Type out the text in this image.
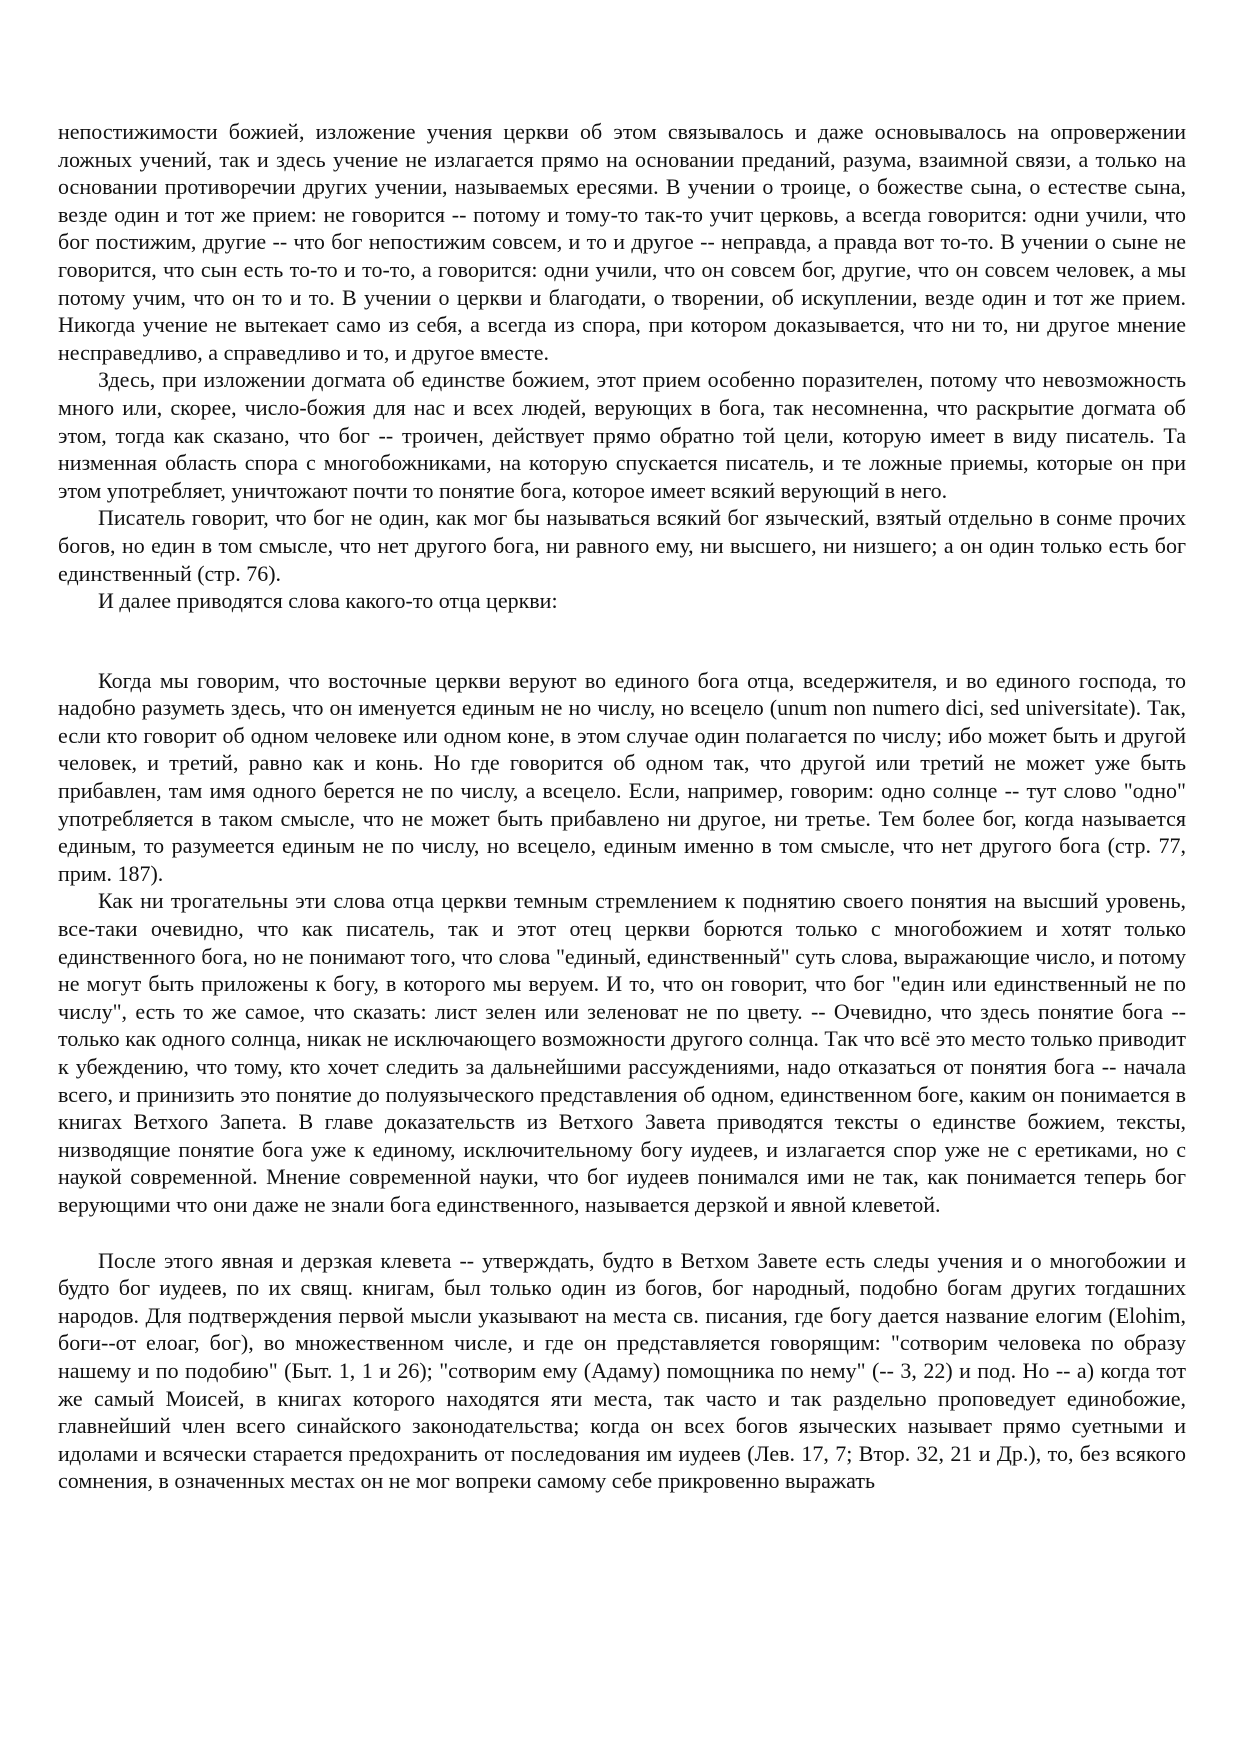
непостижимости божией, изложение учения церкви об этом связывалось и даже основывалось на опровержении ложных учений, так и здесь учение не излагается прямо на основании преданий, разума, взаимной связи, а только на основании противоречии других учении, называемых ересями. В учении о троице, о божестве сына, о естестве сына, везде один и тот же прием: не говорится -- потому и тому-то так-то учит церковь, а всегда говорится: одни учили, что бог постижим, другие -- что бог непостижим совсем, и то и другое -- неправда, а правда вот то-то. В учении о сыне не говорится, что сын есть то-то и то-то, а говорится: одни учили, что он совсем бог, другие, что он совсем человек, а мы потому учим, что он то и то. В учении о церкви и благодати, о творении, об искуплении, везде один и тот же прием. Никогда учение не вытекает само из себя, а всегда из спора, при котором доказывается, что ни то, ни другое мнение несправедливо, а справедливо и то, и другое вместе.

Здесь, при изложении догмата об единстве божием, этот прием особенно поразителен, потому что невозможность много или, скорее, число-божия для нас и всех людей, верующих в бога, так несомненна, что раскрытие догмата об этом, тогда как сказано, что бог -- троичен, действует прямо обратно той цели, которую имеет в виду писатель. Та низменная область спора с многобожниками, на которую спускается писатель, и те ложные приемы, которые он при этом употребляет, уничтожают почти то понятие бога, которое имеет всякий верующий в него.

Писатель говорит, что бог не один, как мог бы называться всякий бог языческий, взятый отдельно в сонме прочих богов, но един в том смысле, что нет другого бога, ни равного ему, ни высшего, ни низшего; а он один только есть бог единственный (стр. 76).

И далее приводятся слова какого-то отца церкви:

Когда мы говорим, что восточные церкви веруют во единого бога отца, вседержителя, и во единого господа, то надобно разуметь здесь, что он именуется единым не но числу, но всецело (unum non numero dici, sed universitate). Так, если кто говорит об одном человеке или одном коне, в этом случае один полагается по числу; ибо может быть и другой человек, и третий, равно как и конь. Но где говорится об одном так, что другой или третий не может уже быть прибавлен, там имя одного берется не по числу, а всецело. Если, например, говорим: одно солнце -- тут слово "одно" употребляется в таком смысле, что не может быть прибавлено ни другое, ни третье. Тем более бог, когда называется единым, то разумеется единым не по числу, но всецело, единым именно в том смысле, что нет другого бога (стр. 77, прим. 187).

Как ни трогательны эти слова отца церкви темным стремлением к поднятию своего понятия на высший уровень, все-таки очевидно, что как писатель, так и этот отец церкви борются только с многобожием и хотят только единственного бога, но не понимают того, что слова "единый, единственный" суть слова, выражающие число, и потому не могут быть приложены к богу, в которого мы веруем. И то, что он говорит, что бог "един или единственный не по числу", есть то же самое, что сказать: лист зелен или зеленоват не по цвету. -- Очевидно, что здесь понятие бога -- только как одного солнца, никак не исключающего возможности другого солнца. Так что всё это место только приводит к убеждению, что тому, кто хочет следить за дальнейшими рассуждениями, надо отказаться от понятия бога -- начала всего, и принизить это понятие до полуязыческого представления об одном, единственном боге, каким он понимается в книгах Ветхого Запета. В главе доказательств из Ветхого Завета приводятся тексты о единстве божием, тексты, низводящие понятие бога уже к единому, исключительному богу иудеев, и излагается спор уже не с еретиками, но с наукой современной. Мнение современной науки, что бог иудеев понимался ими не так, как понимается теперь бог верующими что они даже не знали бога единственного, называется дерзкой и явной клеветой.

После этого явная и дерзкая клевета -- утверждать, будто в Ветхом Завете есть следы учения и о многобожии и будто бог иудеев, по их свящ. книгам, был только один из богов, бог народный, подобно богам других тогдашних народов. Для подтверждения первой мысли указывают на места св. писания, где богу дается название елогим (Elohim, боги--от елоаг, бог), во множественном числе, и где он представляется говорящим: "сотворим человека по образу нашему и по подобию" (Быт. 1, 1 и 26); "сотворим ему (Адаму) помощника по нему" (-- 3, 22) и под. Но -- а) когда тот же самый Моисей, в книгах которого находятся яти места, так часто и так раздельно проповедует единобожие, главнейший член всего синайского законодательства; когда он всех богов языческих называет прямо суетными и идолами и всячески старается предохранить от последования им иудеев (Лев. 17, 7; Втор. 32, 21 и Др.), то, без всякого сомнения, в означенных местах он не мог вопреки самому себе прикровенно выражать
